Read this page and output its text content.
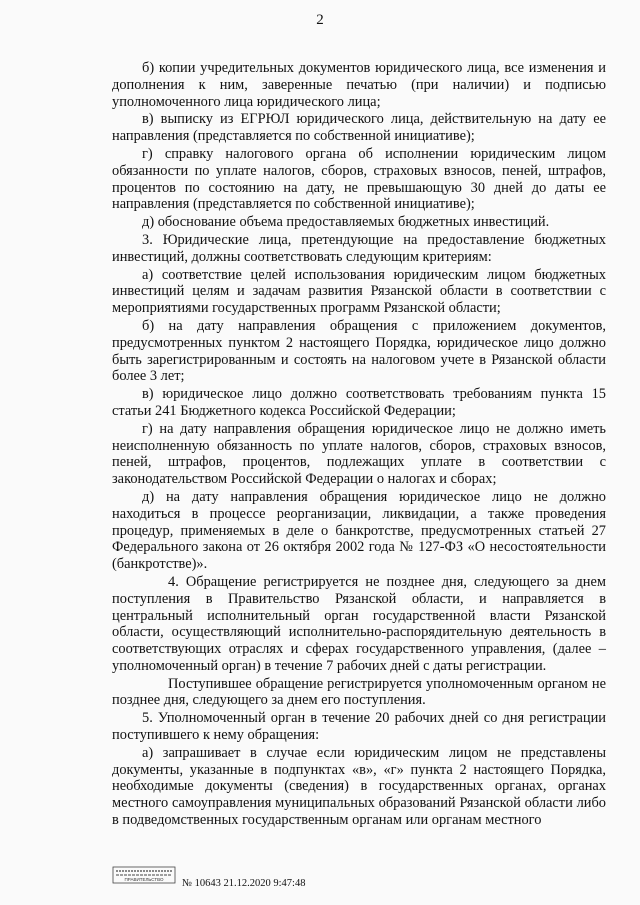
2

б) копии учредительных документов юридического лица, все изменения и дополнения к ним, заверенные печатью (при наличии) и подписью уполномоченного лица юридического лица;

в) выписку из ЕГРЮЛ юридического лица, действительную на дату ее направления (представляется по собственной инициативе);

г) справку налогового органа об исполнении юридическим лицом обязанности по уплате налогов, сборов, страховых взносов, пеней, штрафов, процентов по состоянию на дату, не превышающую 30 дней до даты ее направления (представляется по собственной инициативе);

д) обоснование объема предоставляемых бюджетных инвестиций.

3. Юридические лица, претендующие на предоставление бюджетных инвестиций, должны соответствовать следующим критериям:

а) соответствие целей использования юридическим лицом бюджетных инвестиций целям и задачам развития Рязанской области в соответствии с мероприятиями государственных программ Рязанской области;

б) на дату направления обращения с приложением документов, предусмотренных пунктом 2 настоящего Порядка, юридическое лицо должно быть зарегистрированным и состоять на налоговом учете в Рязанской области более 3 лет;

в) юридическое лицо должно соответствовать требованиям пункта 15 статьи 241 Бюджетного кодекса Российской Федерации;

г) на дату направления обращения юридическое лицо не должно иметь неисполненную обязанность по уплате налогов, сборов, страховых взносов, пеней, штрафов, процентов, подлежащих уплате в соответствии с законодательством Российской Федерации о налогах и сборах;

д) на дату направления обращения юридическое лицо не должно находиться в процессе реорганизации, ликвидации, а также проведения процедур, применяемых в деле о банкротстве, предусмотренных статьей 27 Федерального закона от 26 октября 2002 года № 127-ФЗ «О несостоятельности (банкротстве)».

4. Обращение регистрируется не позднее дня, следующего за днем поступления в Правительство Рязанской области, и направляется в центральный исполнительный орган государственной власти Рязанской области, осуществляющий исполнительно-распорядительную деятельность в соответствующих отраслях и сферах государственного управления, (далее – уполномоченный орган) в течение 7 рабочих дней с даты регистрации.

Поступившее обращение регистрируется уполномоченным органом не позднее дня, следующего за днем его поступления.

5. Уполномоченный орган в течение 20 рабочих дней со дня регистрации поступившего к нему обращения:

а) запрашивает в случае если юридическим лицом не представлены документы, указанные в подпунктах «в», «г» пункта 2 настоящего Порядка, необходимые документы (сведения) в государственных органах, органах местного самоуправления муниципальных образований Рязанской области либо в подведомственных государственным органам или органам местного

ПРАВИТЕЛЬСТВО № 10643 21.12.2020 9:47:48
